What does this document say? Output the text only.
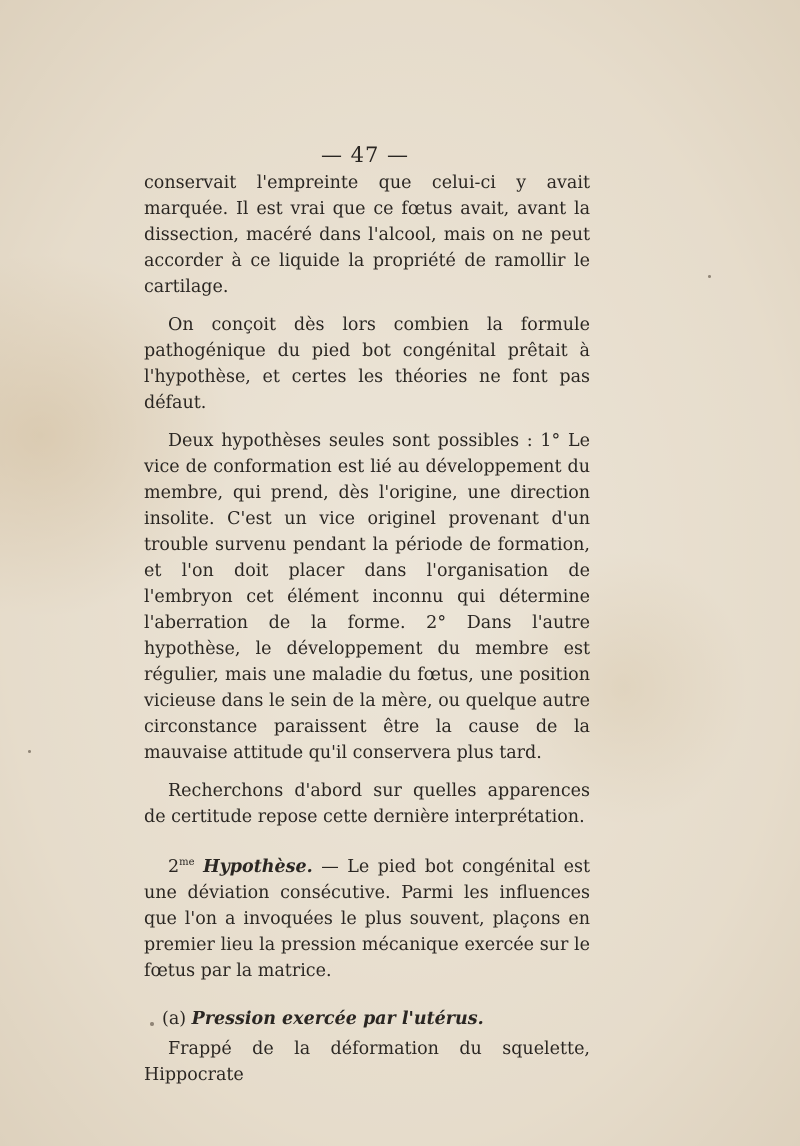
— 47 —

conservait l'empreinte que celui-ci y avait marquée. Il est vrai que ce fœtus avait, avant la dissection, macéré dans l'alcool, mais on ne peut accorder à ce liquide la propriété de ramollir le cartilage.

On conçoit dès lors combien la formule pathogénique du pied bot congénital prêtait à l'hypothèse, et certes les théories ne font pas défaut.

Deux hypothèses seules sont possibles : 1° Le vice de conformation est lié au développement du membre, qui prend, dès l'origine, une direction insolite. C'est un vice originel provenant d'un trouble survenu pendant la période de formation, et l'on doit placer dans l'organisation de l'embryon cet élément inconnu qui détermine l'aberration de la forme. 2° Dans l'autre hypothèse, le développement du membre est régulier, mais une maladie du fœtus, une position vicieuse dans le sein de la mère, ou quelque autre circonstance paraissent être la cause de la mauvaise attitude qu'il conservera plus tard.

Recherchons d'abord sur quelles apparences de certitude repose cette dernière interprétation.

$2^{me}$ Hypothèse. — Le pied bot congénital est une déviation consécutive. Parmi les influences que l'on a invoquées le plus souvent, plaçons en premier lieu la pression mécanique exercée sur le fœtus par la matrice.

(a) Pression exercée par l'utérus.

Frappé de la déformation du squelette, Hippocrate
